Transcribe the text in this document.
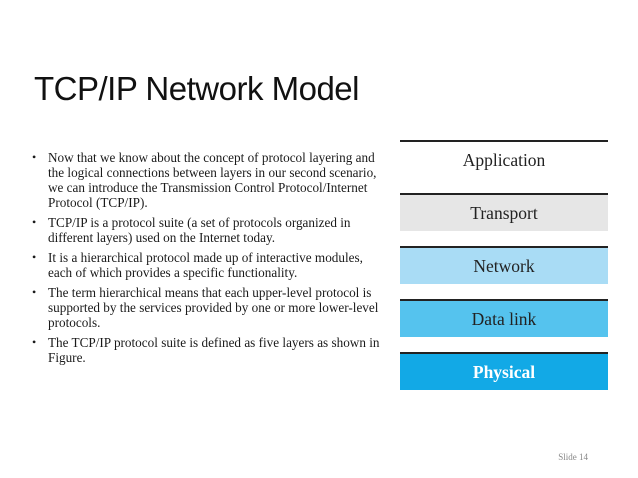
TCP/IP Network Model
• Now that we know about the concept of protocol layering and the logical connections between layers in our second scenario, we can introduce the Transmission Control Protocol/Internet Protocol (TCP/IP).
• TCP/IP is a protocol suite (a set of protocols organized in different layers) used on the Internet today.
• It is a hierarchical protocol made up of interactive modules, each of which provides a specific functionality.
• The term hierarchical means that each upper-level protocol is supported by the services provided by one or more lower-level protocols.
• The TCP/IP protocol suite is defined as five layers as shown in Figure.
Application
Transport
Network
Data link
Physical
Slide 14
